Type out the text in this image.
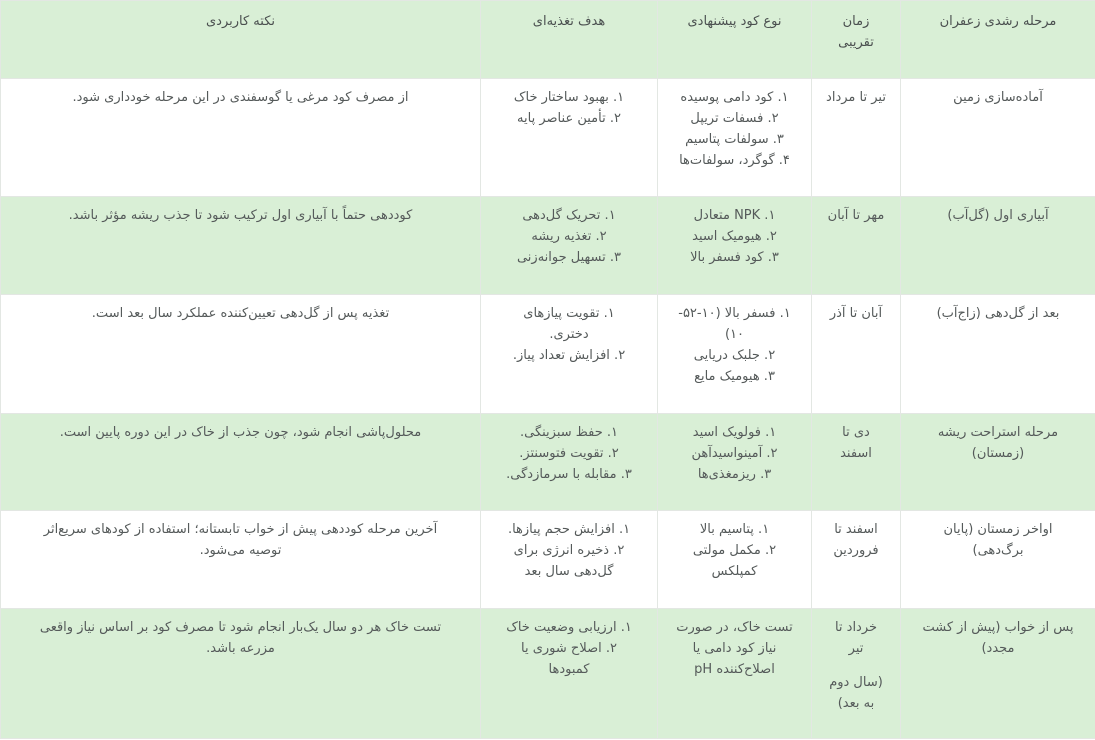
مرحله رشدی زعفران	زمان تقریبی	نوع کود پیشنهادی	هدف تغذیه‌ای	نکته کاربردی

آماده‌سازی زمین	تیر تا مرداد	۱. کود دامی پوسیده
۲. فسفات تریپل
۳. سولفات پتاسیم
۴. گوگرد، سولفات‌ها	۱. بهبود ساختار خاک
۲. تأمین عناصر پایه	از مصرف کود مرغی یا گوسفندی در این مرحله خودداری شود.

آبیاری اول (گل‌آب)	مهر تا آبان	۱. NPK متعادل
۲. هیومیک اسید
۳. کود فسفر بالا	۱. تحریک گل‌دهی
۲. تغذیه ریشه
۳. تسهیل جوانه‌زنی	کوددهی حتماً با آبیاری اول ترکیب شود تا جذب ریشه مؤثر باشد.

بعد از گل‌دهی (زاج‌آب)	آبان تا آذر	۱. فسفر بالا (۱۰-۵۲-
۱۰)
۲. جلبک دریایی
۳. هیومیک مایع	۱. تقویت پیازهای
دختری.
۲. افزایش تعداد پیاز.	تغذیه پس از گل‌دهی تعیین‌کننده عملکرد سال بعد است.

مرحله استراحت ریشه
(زمستان)	دی تا
اسفند	۱. فولویک اسید
۲. آمینواسیدآهن
۳. ریزمغذی‌ها	۱. حفظ سبزینگی.
۲. تقویت فتوسنتز.
۳. مقابله با سرمازدگی.	محلول‌پاشی انجام شود، چون جذب از خاک در این دوره پایین است.

اواخر زمستان (پایان
برگ‌دهی)	اسفند تا
فروردین	۱. پتاسیم بالا
۲. مکمل مولتی
کمپلکس	۱. افزایش حجم پیازها.
۲. ذخیره انرژی برای
گل‌دهی سال بعد	آخرین مرحله کوددهی پیش از خواب تابستانه؛ استفاده از کودهای سریع‌اثر
توصیه می‌شود.

پس از خواب (پیش از کشت
مجدد)	خرداد تا
تیر
(سال دوم
به بعد)	تست خاک، در صورت
نیاز کود دامی یا
اصلاح‌کننده pH	۱. ارزیابی وضعیت خاک
۲. اصلاح شوری یا
کمبودها	تست خاک هر دو سال یک‌بار انجام شود تا مصرف کود بر اساس نیاز واقعی
مزرعه باشد.
